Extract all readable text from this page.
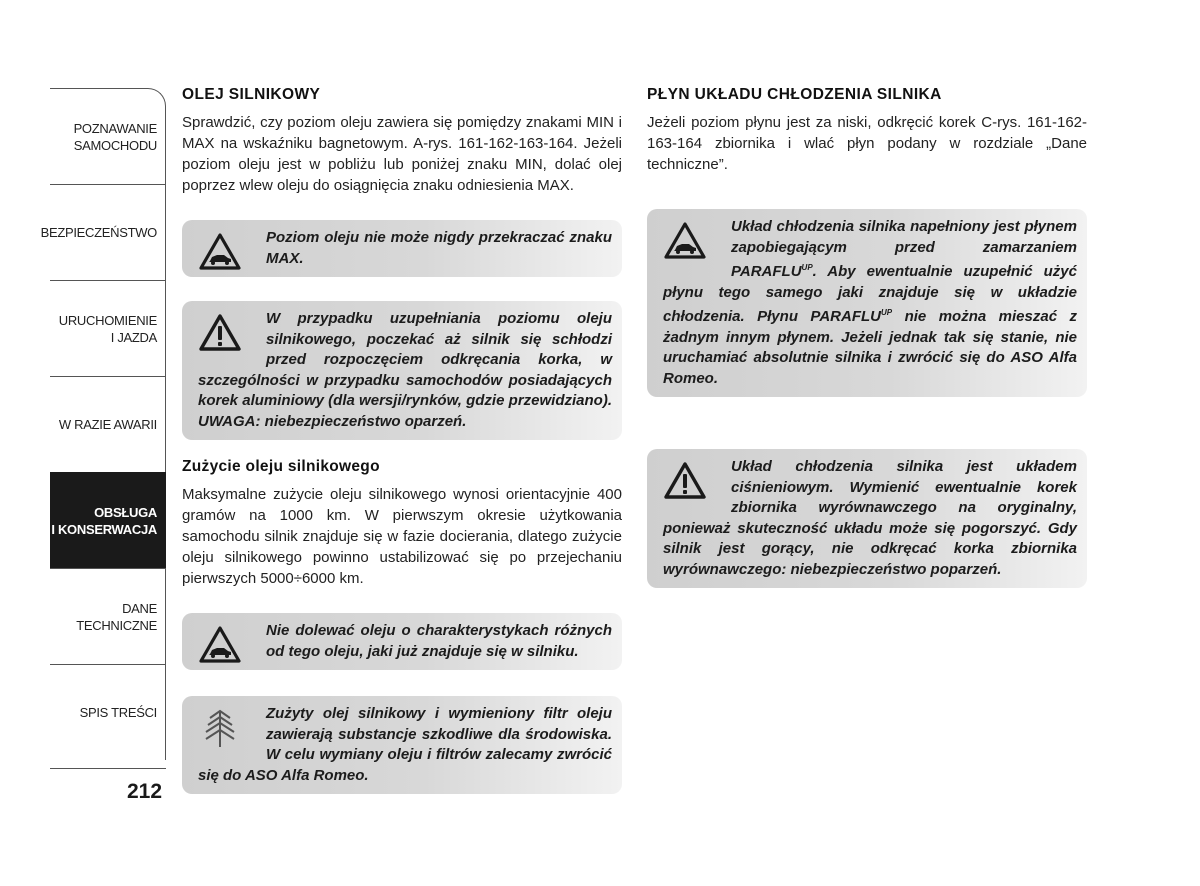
POZNAWANIE
SAMOCHODU
BEZPIECZEŃSTWO
URUCHOMIENIE
I JAZDA
W RAZIE AWARII
OBSŁUGA
I KONSERWACJA
DANE
TECHNICZNE
SPIS TREŚCI
212
OLEJ SILNIKOWY

Sprawdzić, czy poziom oleju zawiera się pomiędzy znakami MIN i MAX na wskaźniku bagnetowym. A-rys. 161-162-163-164. Jeżeli poziom oleju jest w pobliżu lub poniżej znaku MIN, dolać olej poprzez wlew oleju do osiągnięcia znaku odniesienia MAX.

Poziom oleju nie może nigdy przekraczać znaku MAX.
W przypadku uzupełniania poziomu oleju silnikowego, poczekać aż silnik się schłodzi przed rozpoczęciem odkręcania korka, w szczególności w przypadku samochodów posiadających korek aluminiowy (dla wersji/rynków, gdzie przewidziano). UWAGA: niebezpieczeństwo oparzeń.
Zużycie oleju silnikowego

Maksymalne zużycie oleju silnikowego wynosi orientacyjnie 400 gramów na 1000 km. W pierwszym okresie użytkowania samochodu silnik znajduje się w fazie docierania, dlatego zużycie oleju silnikowego powinno ustabilizować się po przejechaniu pierwszych 5000÷6000 km.

Nie dolewać oleju o charakterystykach różnych od tego oleju, jaki już znajduje się w silniku.
Zużyty olej silnikowy i wymieniony filtr oleju zawierają substancje szkodliwe dla środowiska. W celu wymiany oleju i filtrów zalecamy zwrócić się do ASO Alfa Romeo.
PŁYN UKŁADU CHŁODZENIA SILNIKA

Jeżeli poziom płynu jest za niski, odkręcić korek C-rys. 161-162-163-164 zbiornika i wlać płyn podany w rozdziale „Dane techniczne”.

Układ chłodzenia silnika napełniony jest płynem zapobiegającym przed zamarzaniem $PARAFLU^{UP}$. Aby ewentualnie uzupełnić użyć płynu tego samego jaki znajduje się w układzie chłodzenia. Płynu $PARAFLU^{UP}$ nie można mieszać z żadnym innym płynem. Jeżeli jednak tak się stanie, nie uruchamiać absolutnie silnika i zwrócić się do ASO Alfa Romeo.
Układ chłodzenia silnika jest układem ciśnieniowym. Wymienić ewentualnie korek zbiornika wyrównawczego na oryginalny, ponieważ skuteczność układu może się pogorszyć. Gdy silnik jest gorący, nie odkręcać korka zbiornika wyrównawczego: niebezpieczeństwo poparzeń.
